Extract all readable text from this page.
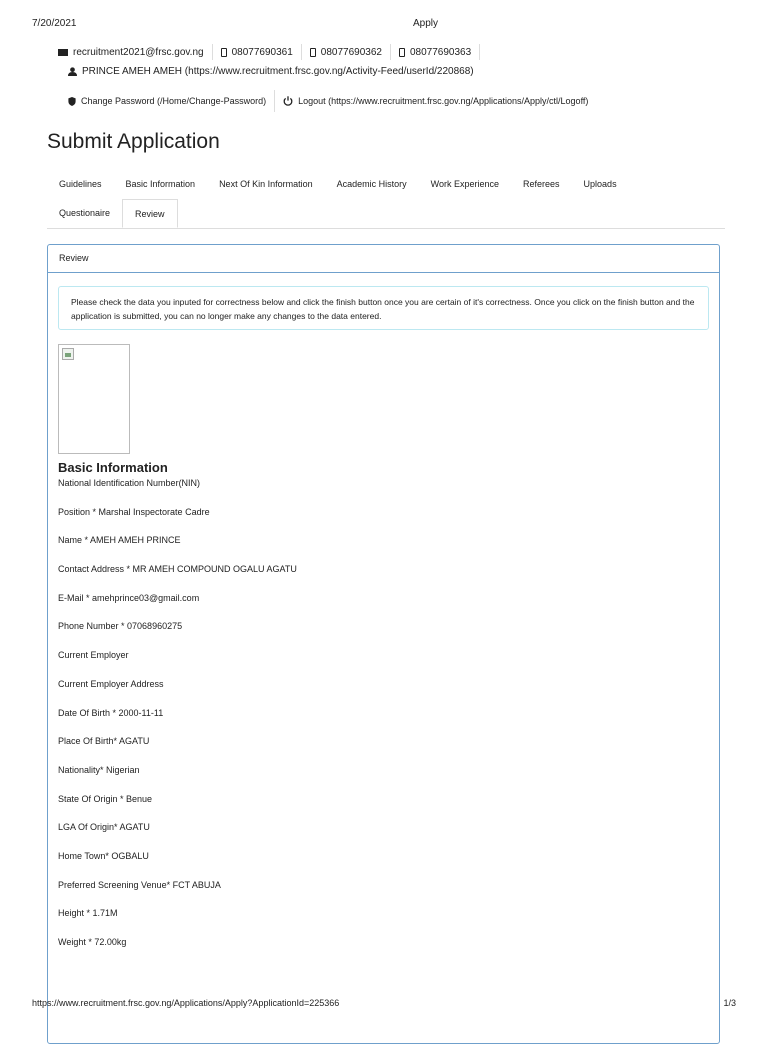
7/20/2021	Apply
recruitment2021@frsc.gov.ng	08077690361	08077690362	08077690363
PRINCE AMEH AMEH (https://www.recruitment.frsc.gov.ng/Activity-Feed/userId/220868)
Change Password (/Home/Change-Password)	Logout (https://www.recruitment.frsc.gov.ng/Applications/Apply/ctl/Logoff)
Submit Application
Guidelines	Basic Information	Next Of Kin Information	Academic History	Work Experience	Referees	Uploads
Questionaire	Review
Review
Please check the data you inputed for correctness below and click the finish button once you are certain of it's correctness. Once you click on the finish button and the application is submitted, you can no longer make any changes to the data entered.
Basic Information
National Identification Number(NIN)
Position * Marshal Inspectorate Cadre
Name * AMEH AMEH PRINCE
Contact Address * MR AMEH COMPOUND OGALU AGATU
E-Mail * amehprince03@gmail.com
Phone Number * 07068960275
Current Employer
Current Employer Address
Date Of Birth * 2000-11-11
Place Of Birth* AGATU
Nationality* Nigerian
State Of Origin * Benue
LGA Of Origin* AGATU
Home Town* OGBALU
Preferred Screening Venue* FCT ABUJA
Height * 1.71M
Weight * 72.00kg
https://www.recruitment.frsc.gov.ng/Applications/Apply?ApplicationId=225366	1/3
